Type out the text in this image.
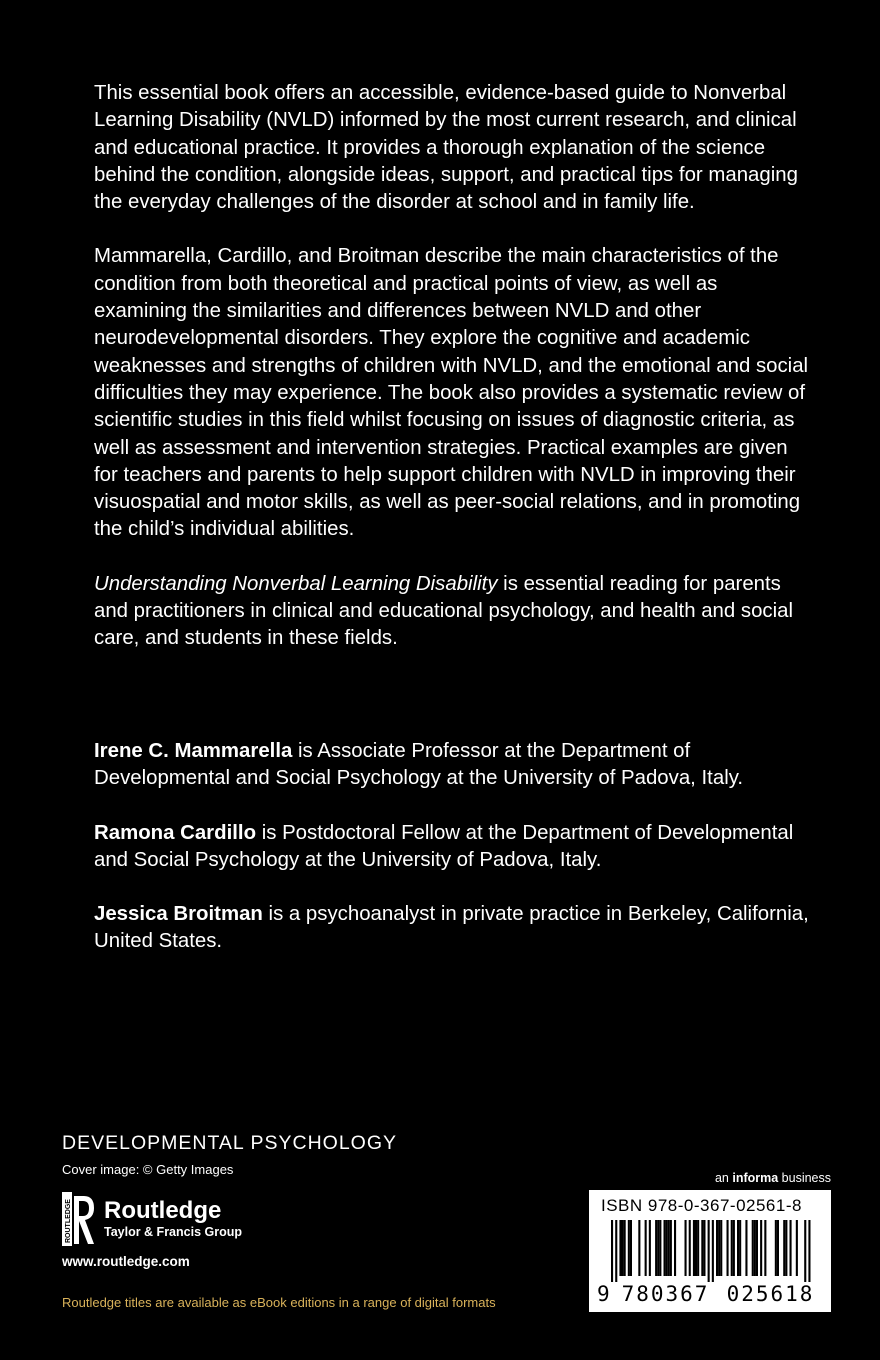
This essential book offers an accessible, evidence-based guide to Nonverbal Learning Disability (NVLD) informed by the most current research, and clinical and educational practice. It provides a thorough explanation of the science behind the condition, alongside ideas, support, and practical tips for managing the everyday challenges of the disorder at school and in family life.

Mammarella, Cardillo, and Broitman describe the main characteristics of the condition from both theoretical and practical points of view, as well as examining the similarities and differences between NVLD and other neurodevelopmental disorders. They explore the cognitive and academic weaknesses and strengths of children with NVLD, and the emotional and social difficulties they may experience. The book also provides a systematic review of scientific studies in this field whilst focusing on issues of diagnostic criteria, as well as assessment and intervention strategies. Practical examples are given for teachers and parents to help support children with NVLD in improving their visuospatial and motor skills, as well as peer-social relations, and in promoting the child’s individual abilities.

Understanding Nonverbal Learning Disability is essential reading for parents and practitioners in clinical and educational psychology, and health and social care, and students in these fields.

Irene C. Mammarella is Associate Professor at the Department of Developmental and Social Psychology at the University of Padova, Italy.

Ramona Cardillo is Postdoctoral Fellow at the Department of Developmental and Social Psychology at the University of Padova, Italy.

Jessica Broitman is a psychoanalyst in private practice in Berkeley, California, United States.

DEVELOPMENTAL PSYCHOLOGY
Cover image: © Getty Images
ROUTLEDGE Routledge
Taylor & Francis Group
www.routledge.com
Routledge titles are available as eBook editions in a range of digital formats
an informa business
ISBN 978-0-367-02561-8
9 780367 025618
